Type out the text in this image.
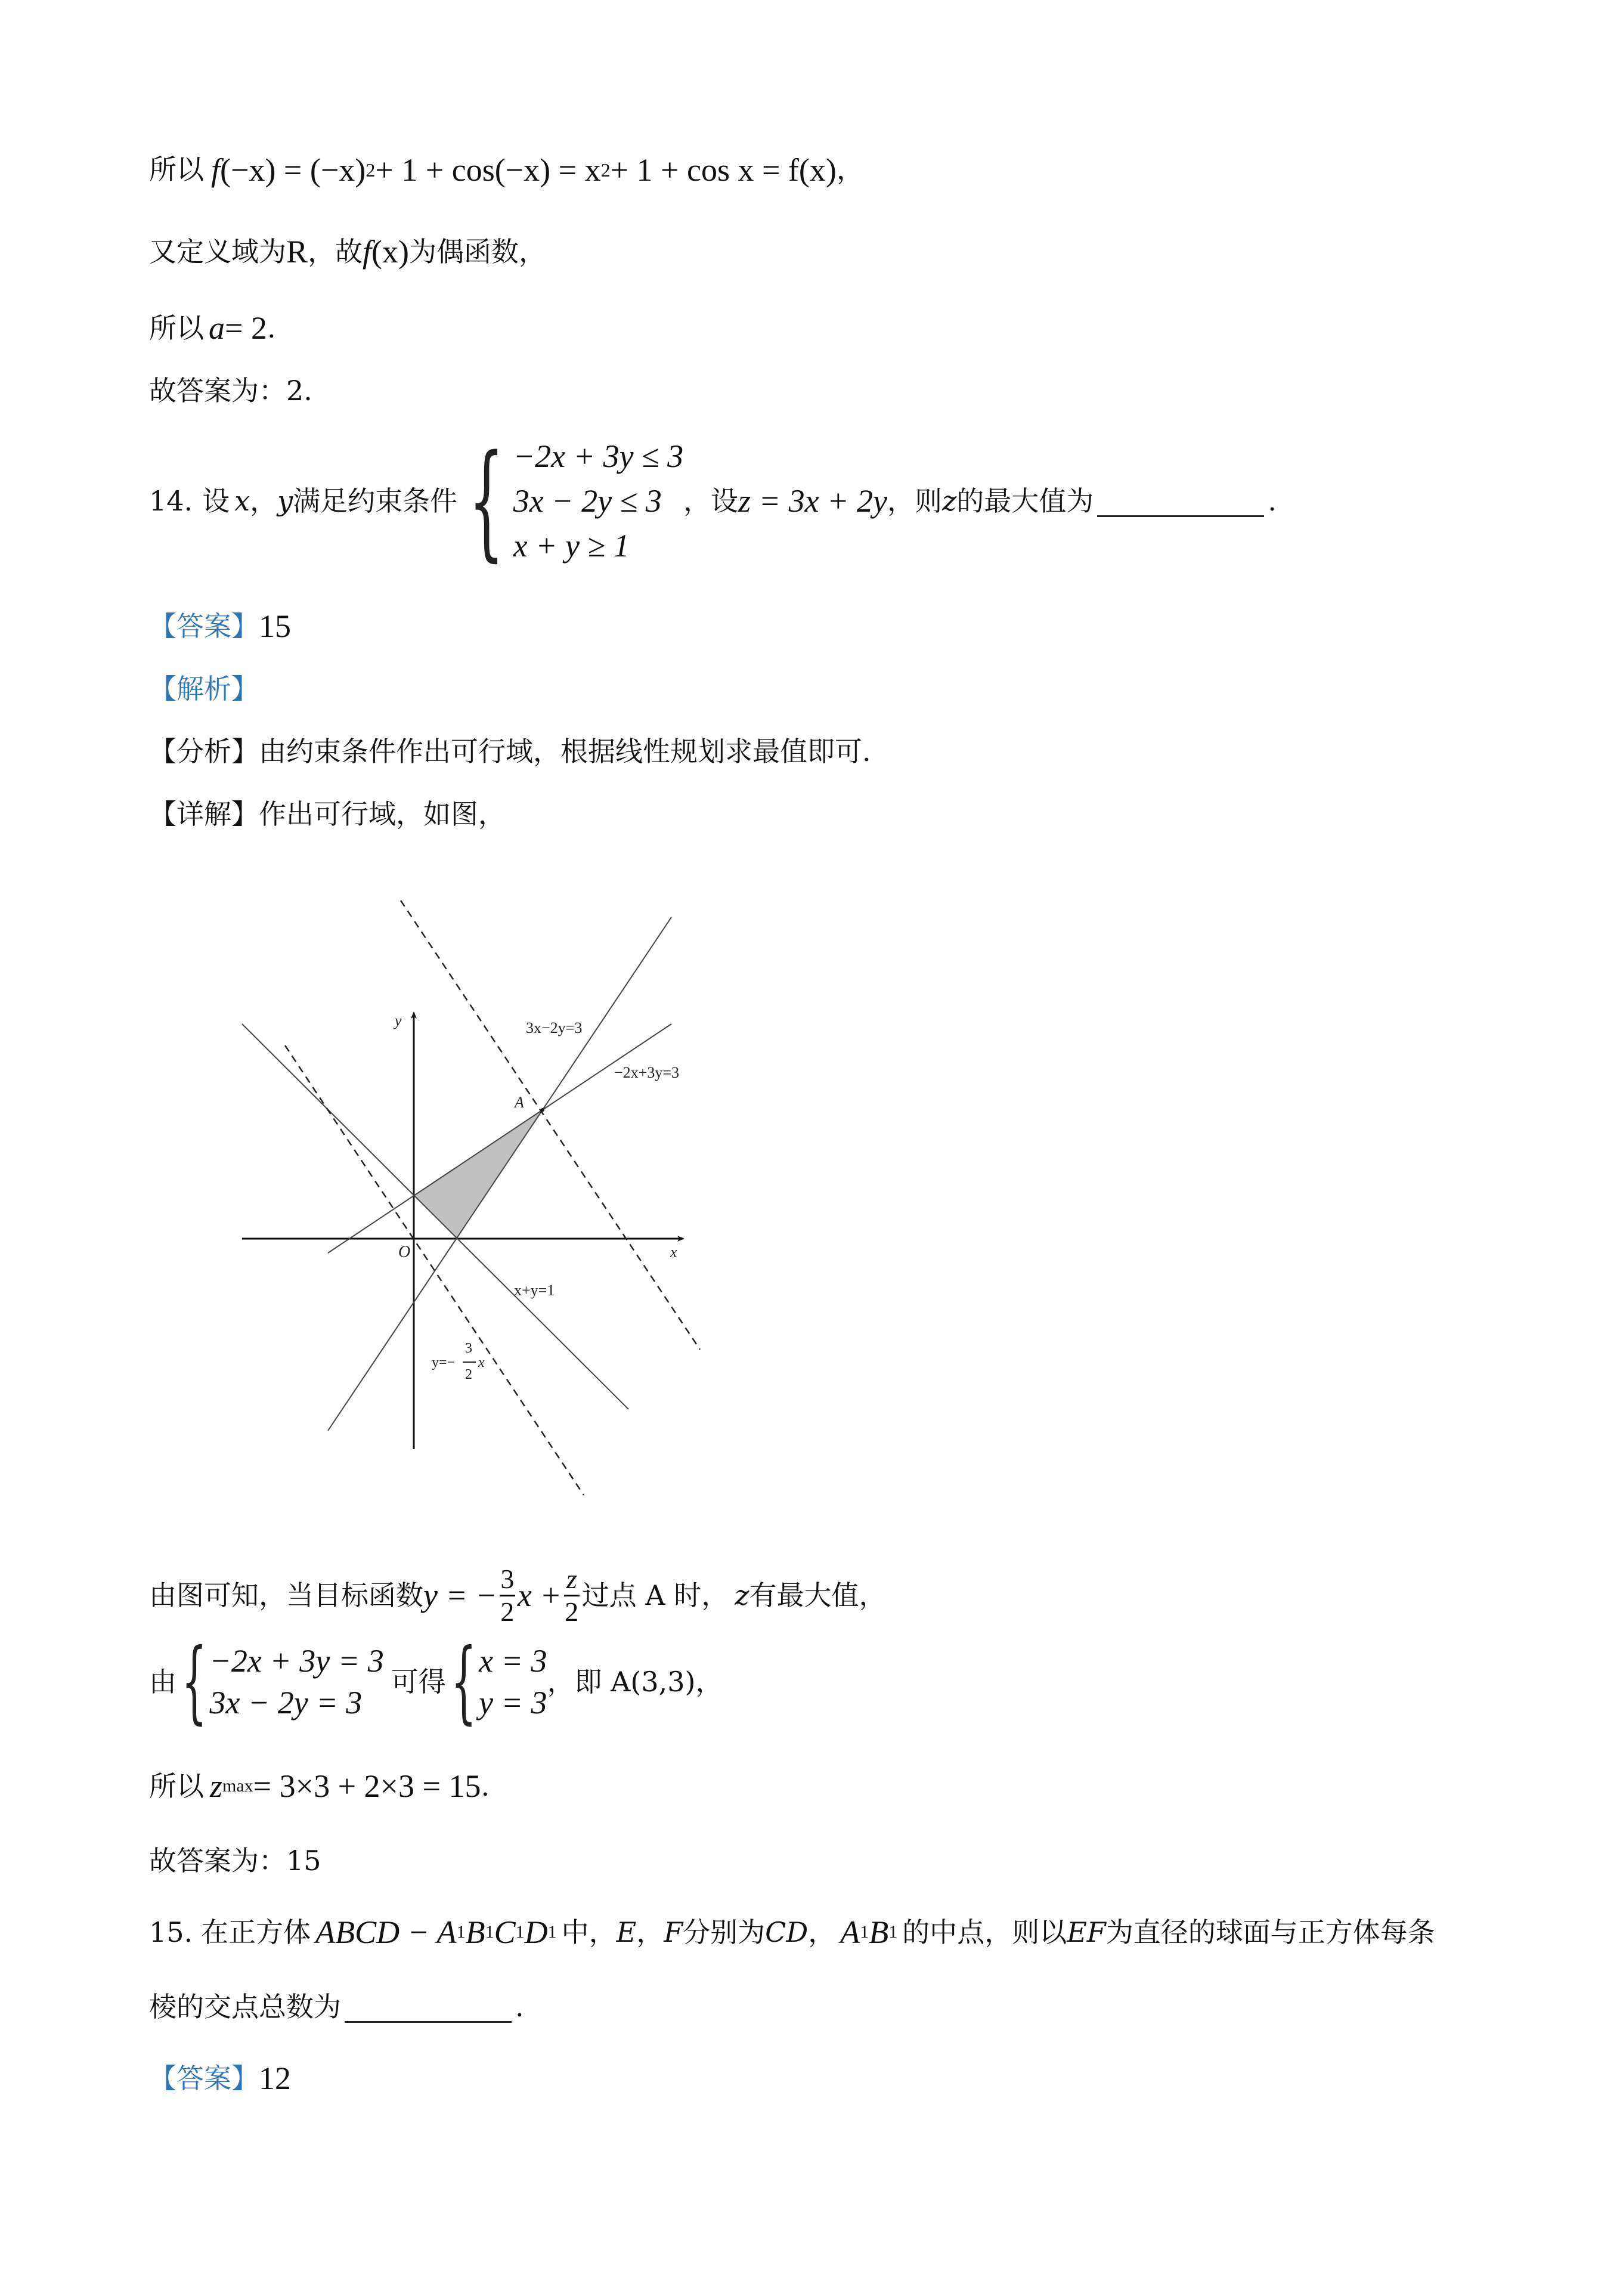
所以 f (−x) = (−x) 2 + 1 + cos(−x) = x 2 + 1 + cos x = f (x) ，
又定义域为 R ，故 f (x) 为偶函数，
所以 a = 2 .
故答案为：2.
14. 设 x ， y 满足约束条件 { −2x + 3y ≤ 3
3x − 2y ≤ 3
x + y ≥ 1
，设 z = 3x + 2y ，则 z 的最大值为	.
【答案】 15
【解析】
【分析】 由约束条件作出可行域，根据线性规划求最值即可.
【详解】 作出可行域，如图，
y
x
O
A
3x−2y=3
−2x+3y=3
x+y=1
y=−
3
2
x
由图可知，当目标函数 y = − $\frac{3}{2}$ $x + \frac{z}{2}$ 过点 A 时， z 有最大值，
由 { −2x + 3y = 3
3x − 2y = 3
可得 { x = 3
y = 3
，即 A(3,3)，
所以 z max = 3×3 + 2×3 = 15 .
故答案为：15
15. 在正方体 ABCD − A 1 B 1 C 1 D 1 中， E ， F 分别为 CD ， A 1 B 1 的中点，则以 EF 为直径的球面与正方体每条
棱的交点总数为	.
【答案】 12
